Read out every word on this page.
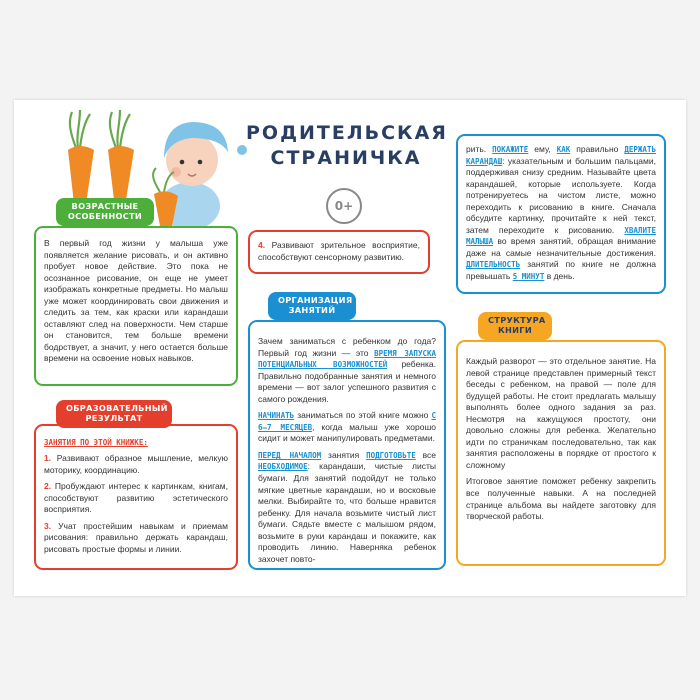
РОДИТЕЛЬСКАЯ
СТРАНИЧКА
0+

В первый год жизни у малыша уже появляется желание рисовать, и он активно пробует новое действие. Это пока не осознанное рисование, он еще не умеет изображать конкретные предметы. Но малыш уже может координировать свои движения и следить за тем, как краски или карандаши оставляют след на поверхности. Чем старше он становится, тем больше времени бодрствует, а значит, у него остается больше времени на освоение новых навыков.

ВОЗРАСТНЫЕ ОСОБЕННОСТИ

ЗАНЯТИЯ ПО ЭТОЙ КНИЖКЕ:

1. Развивают образное мышление, мелкую моторику, координацию.

2. Пробуждают интерес к картинкам, книгам, способствуют развитию эстетического восприятия.

3. Учат простейшим навыкам и приемам рисования: правильно держать карандаш, рисовать простые формы и линии.

ОБРАЗОВАТЕЛЬНЫЙ РЕЗУЛЬТАТ

4. Развивают зрительное восприятие, способствуют сенсорному развитию.

Зачем заниматься с ребенком до года? Первый год жизни — это ВРЕМЯ ЗАПУСКА ПОТЕНЦИАЛЬНЫХ ВОЗМОЖНОСТЕЙ ребенка. Правильно подобранные занятия и немного времени — вот залог успешного развития с самого рождения.

НАЧИНАТЬ заниматься по этой книге можно С 6–7 МЕСЯЦЕВ, когда малыш уже хорошо сидит и может манипулировать предметами.

ПЕРЕД НАЧАЛОМ занятия ПОДГОТОВЬТЕ все НЕОБХОДИМОЕ: карандаши, чистые листы бумаги. Для занятий подойдут не только мягкие цветные карандаши, но и восковые мелки. Выбирайте то, что больше нравится ребенку. Для начала возьмите чистый лист бумаги. Сядьте вместе с малышом рядом, возьмите в руки карандаш и покажите, как проводить линию. Наверняка ребенок захочет повто-

ОРГАНИЗАЦИЯ ЗАНЯТИЙ

рить. ПОКАЖИТЕ ему, КАК правильно ДЕРЖАТЬ КАРАНДАШ: указательным и большим пальцами, поддерживая снизу средним. Называйте цвета карандашей, которые используете. Когда потренируетесь на чистом листе, можно переходить к рисованию в книге. Сначала обсудите картинку, прочитайте к ней текст, затем переходите к рисованию. ХВАЛИТЕ МАЛЫША во время занятий, обращая внимание даже на самые незначительные достижения. ДЛИТЕЛЬНОСТЬ занятий по книге не должна превышать 5 МИНУТ в день.

Каждый разворот — это отдельное занятие. На левой странице представлен примерный текст беседы с ребенком, на правой — поле для будущей работы. Не стоит предлагать малышу выполнять более одного задания за раз. Несмотря на кажущуюся простоту, они довольно сложны для ребенка. Желательно идти по страничкам последовательно, так как занятия расположены в порядке от простого к сложному

Итоговое занятие поможет ребенку закрепить все полученные навыки. А на последней странице альбома вы найдете заготовку для творческой работы.

СТРУКТУРА КНИГИ
